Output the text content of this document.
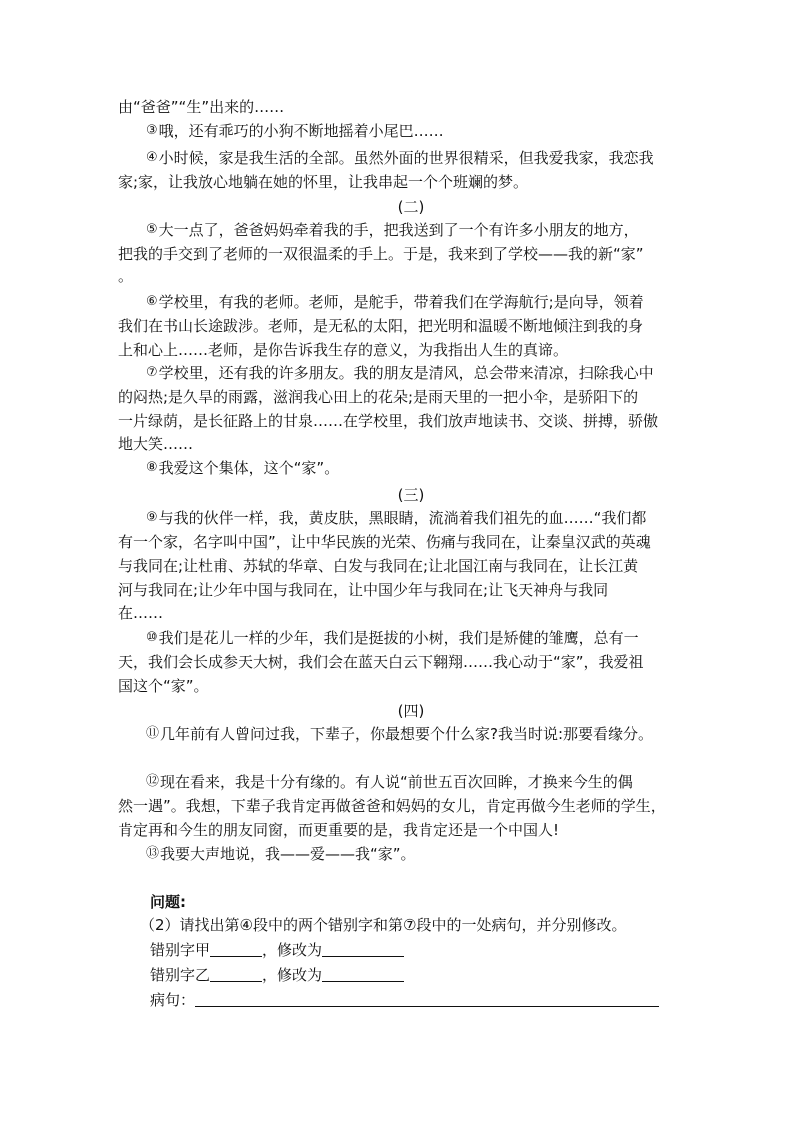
由“爸爸”“生”出来的……
③哦，还有乖巧的小狗不断地摇着小尾巴……
④小时候，家是我生活的全部。虽然外面的世界很精采，但我爱我家，我恋我
家;家，让我放心地躺在她的怀里，让我串起一个个班斓的梦。
(二)
⑤大一点了，爸爸妈妈牵着我的手，把我送到了一个有许多小朋友的地方，
把我的手交到了老师的一双很温柔的手上。于是，我来到了学校——我的新“家”
。
⑥学校里，有我的老师。老师，是舵手，带着我们在学海航行;是向导，领着
我们在书山长途跋涉。老师，是无私的太阳，把光明和温暖不断地倾注到我的身
上和心上……老师，是你告诉我生存的意义，为我指出人生的真谛。
⑦学校里，还有我的许多朋友。我的朋友是清风，总会带来清凉，扫除我心中
的闷热;是久旱的雨露，滋润我心田上的花朵;是雨天里的一把小伞，是骄阳下的
一片绿荫，是长征路上的甘泉……在学校里，我们放声地读书、交谈、拼搏，骄傲
地大笑……
⑧我爱这个集体，这个“家”。
(三)
⑨与我的伙伴一样，我，黄皮肤，黑眼睛，流淌着我们祖先的血……“我们都
有一个家，名字叫中国”，让中华民族的光荣、伤痛与我同在，让秦皇汉武的英魂
与我同在;让杜甫、苏轼的华章、白发与我同在;让北国江南与我同在，让长江黄
河与我同在;让少年中国与我同在，让中国少年与我同在;让飞天神舟与我同
在……
⑩我们是花儿一样的少年，我们是挺拔的小树，我们是矫健的雏鹰，总有一
天，我们会长成参天大树，我们会在蓝天白云下翱翔……我心动于“家”，我爱祖
国这个“家”。
(四)
⑪几年前有人曾问过我，下辈子，你最想要个什么家?我当时说:那要看缘分。
⑫现在看来，我是十分有缘的。有人说“前世五百次回眸，才换来今生的偶
然一遇”。我想，下辈子我肯定再做爸爸和妈妈的女儿，肯定再做今生老师的学生，
肯定再和今生的朋友同窗，而更重要的是，我肯定还是一个中国人!
⑬我要大声地说，我——爱——我“家”。
问题:
（2）请找出第④段中的两个错别字和第⑦段中的一处病句，并分别修改。
错别字甲	，修改为
错别字乙	，修改为
病句：
